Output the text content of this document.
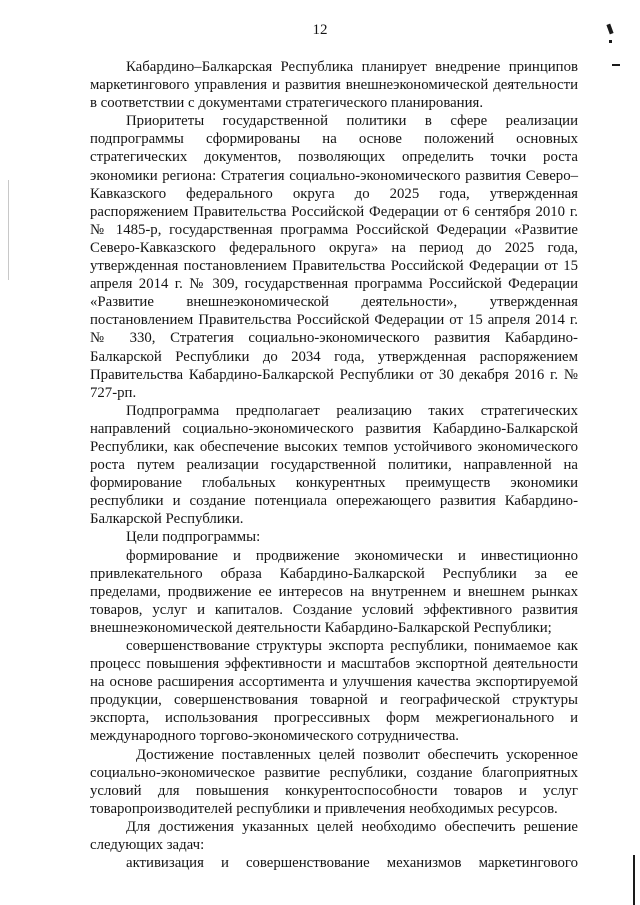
12

Кабардино–Балкарская Республика планирует внедрение принципов маркетингового управления и развития внешнеэкономической деятельности в соответствии с документами стратегического планирования.

Приоритеты государственной политики в сфере реализации подпрограммы сформированы на основе положений основных стратегических документов, позволяющих определить точки роста экономики региона: Стратегия социально-экономического развития Северо–Кавказского федерального округа до 2025 года, утвержденная распоряжением Правительства Российской Федерации от 6 сентября 2010 г. № 1485-р, государственная программа Российской Федерации «Развитие Северо-Кавказского федерального округа» на период до 2025 года, утвержденная постановлением Правительства Российской Федерации от 15 апреля 2014 г. № 309, государственная программа Российской Федерации «Развитие внешнеэкономической деятельности», утвержденная постановлением Правительства Российской Федерации от 15 апреля 2014 г. № 330, Стратегия социально-экономического развития Кабардино-Балкарской Республики до 2034 года, утвержденная распоряжением Правительства Кабардино-Балкарской Республики от 30 декабря 2016 г. № 727-рп.

Подпрограмма предполагает реализацию таких стратегических направлений социально-экономического развития Кабардино-Балкарской Республики, как обеспечение высоких темпов устойчивого экономического роста путем реализации государственной политики, направленной на формирование глобальных конкурентных преимуществ экономики республики и создание потенциала опережающего развития Кабардино-Балкарской Республики.

Цели подпрограммы:

формирование и продвижение экономически и инвестиционно привлекательного образа Кабардино-Балкарской Республики за ее пределами, продвижение ее интересов на внутреннем и внешнем рынках товаров, услуг и капиталов. Создание условий эффективного развития внешнеэкономической деятельности Кабардино-Балкарской Республики;

совершенствование структуры экспорта республики, понимаемое как процесс повышения эффективности и масштабов экспортной деятельности на основе расширения ассортимента и улучшения качества экспортируемой продукции, совершенствования товарной и географической структуры экспорта, использования прогрессивных форм межрегионального и международного торгово-экономического сотрудничества.

Достижение поставленных целей позволит обеспечить ускоренное социально-экономическое развитие республики, создание благоприятных условий для повышения конкурентоспособности товаров и услуг товаропроизводителей республики и привлечения необходимых ресурсов.

Для достижения указанных целей необходимо обеспечить решение следующих задач:

активизация и совершенствование механизмов маркетингового
